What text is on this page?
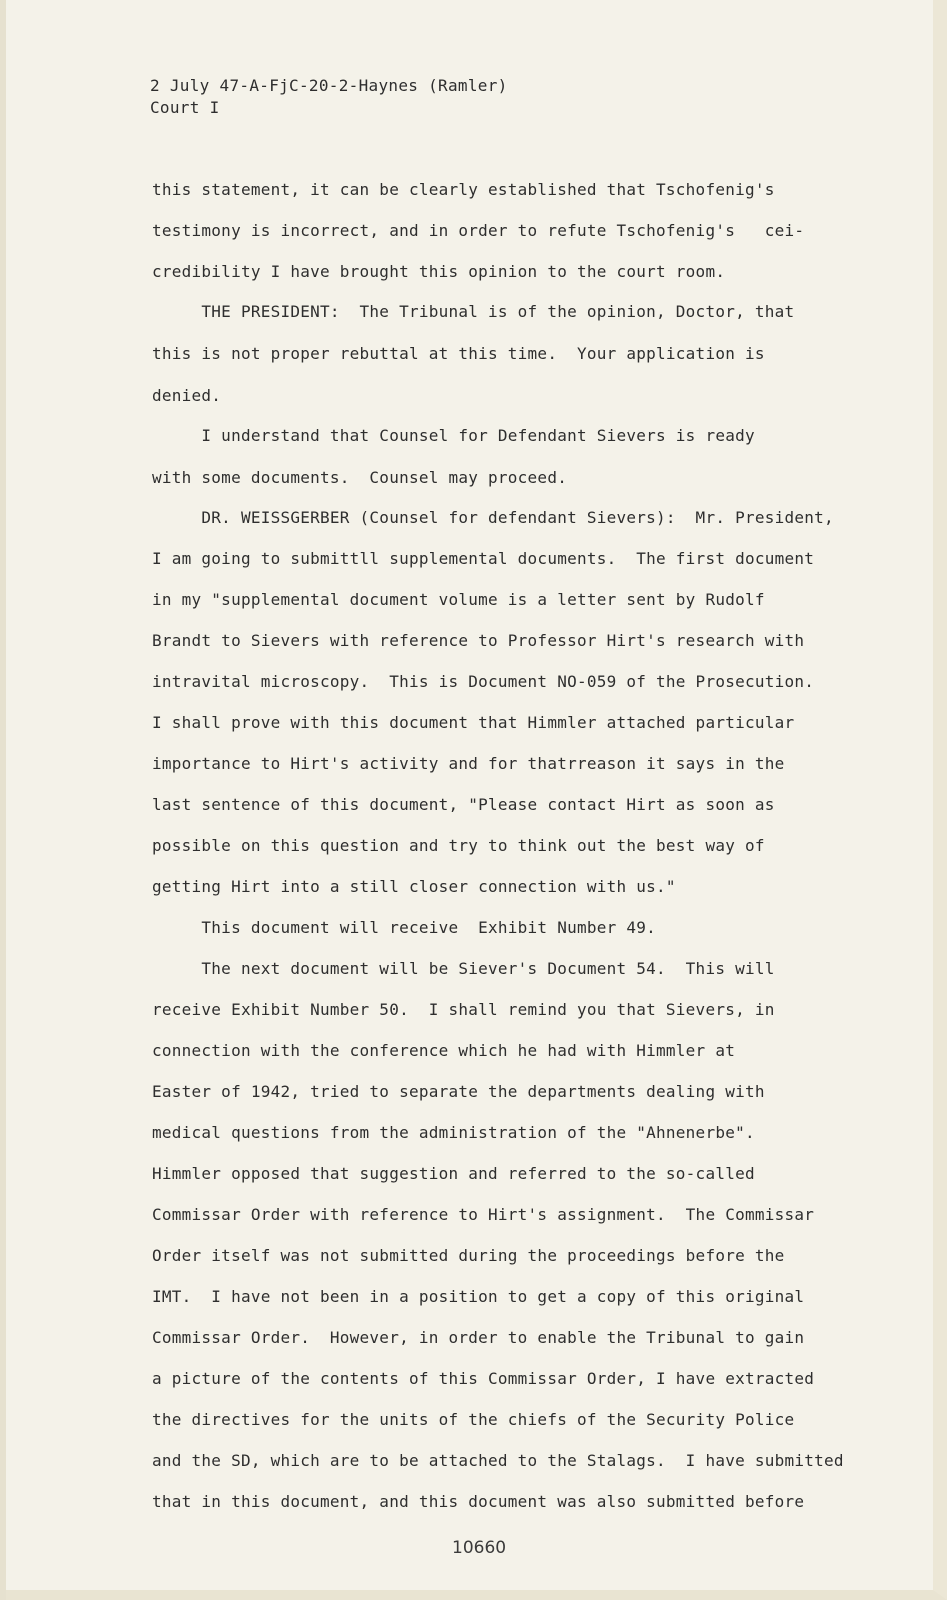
2 July 47-A-FjC-20-2-Haynes (Ramler)
Court I
this statement, it can be clearly established that Tschofenig's
testimony is incorrect, and in order to refute Tschofenig's   cei-
credibility I have brought this opinion to the court room.
THE PRESIDENT:  The Tribunal is of the opinion, Doctor, that
this is not proper rebuttal at this time.  Your application is
denied.
I understand that Counsel for Defendant Sievers is ready
with some documents.  Counsel may proceed.
DR. WEISSGERBER (Counsel for defendant Sievers):  Mr. President,
I am going to submittll supplemental documents.  The first document
in my "supplemental document volume is a letter sent by Rudolf
Brandt to Sievers with reference to Professor Hirt's research with
intravital microscopy.  This is Document NO-059 of the Prosecution.
I shall prove with this document that Himmler attached particular
importance to Hirt's activity and for thatrreason it says in the
last sentence of this document, "Please contact Hirt as soon as
possible on this question and try to think out the best way of
getting Hirt into a still closer connection with us."
This document will receive  Exhibit Number 49.
The next document will be Siever's Document 54.  This will
receive Exhibit Number 50.  I shall remind you that Sievers, in
connection with the conference which he had with Himmler at
Easter of 1942, tried to separate the departments dealing with
medical questions from the administration of the "Ahnenerbe".
Himmler opposed that suggestion and referred to the so-called
Commissar Order with reference to Hirt's assignment.  The Commissar
Order itself was not submitted during the proceedings before the
IMT.  I have not been in a position to get a copy of this original
Commissar Order.  However, in order to enable the Tribunal to gain
a picture of the contents of this Commissar Order, I have extracted
the directives for the units of the chiefs of the Security Police
and the SD, which are to be attached to the Stalags.  I have submitted
that in this document, and this document was also submitted before
10660
